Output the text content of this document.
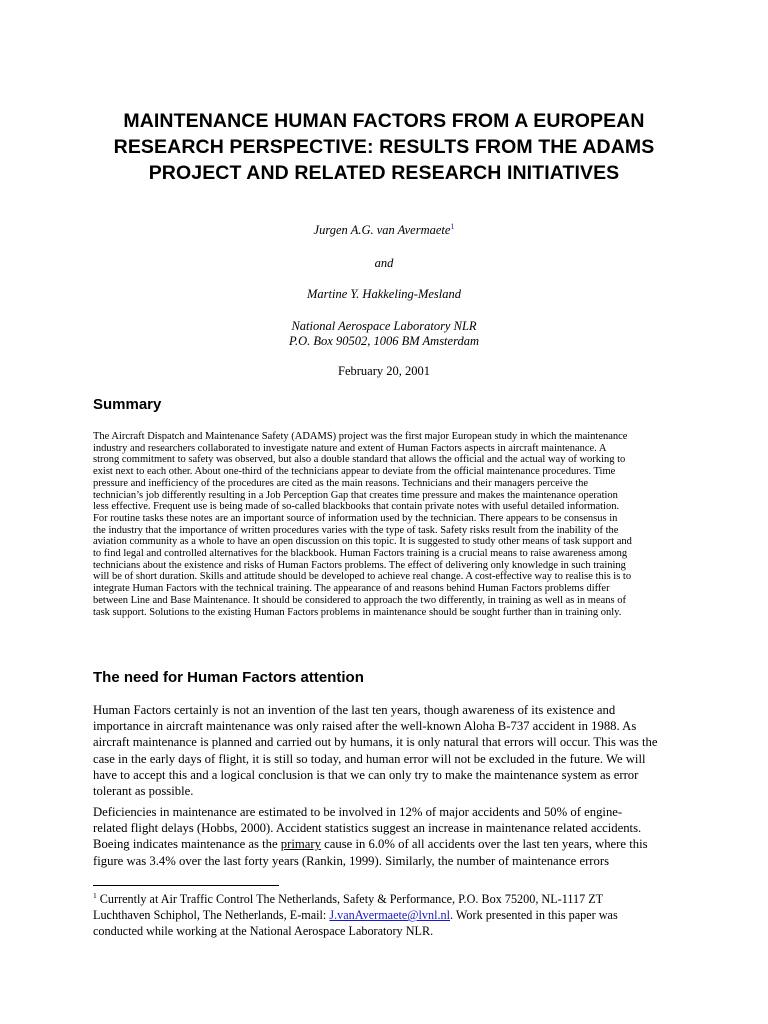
MAINTENANCE HUMAN FACTORS FROM A EUROPEAN RESEARCH PERSPECTIVE: RESULTS FROM THE ADAMS PROJECT AND RELATED RESEARCH INITIATIVES
Jurgen A.G. van Avermaete$^1$
and
Martine Y. Hakkeling-Mesland
National Aerospace Laboratory NLR
P.O. Box 90502, 1006 BM Amsterdam
February 20, 2001
Summary
The Aircraft Dispatch and Maintenance Safety (ADAMS) project was the first major European study in which the maintenance
industry and researchers collaborated to investigate nature and extent of Human Factors aspects in aircraft maintenance. A
strong commitment to safety was observed, but also a double standard that allows the official and the actual way of working to
exist next to each other. About one-third of the technicians appear to deviate from the official maintenance procedures. Time
pressure and inefficiency of the procedures are cited as the main reasons. Technicians and their managers perceive the
technician’s job differently resulting in a Job Perception Gap that creates time pressure and makes the maintenance operation
less effective. Frequent use is being made of so-called blackbooks that contain private notes with useful detailed information.
For routine tasks these notes are an important source of information used by the technician. There appears to be consensus in
the industry that the importance of written procedures varies with the type of task. Safety risks result from the inability of the
aviation community as a whole to have an open discussion on this topic. It is suggested to study other means of task support and
to find legal and controlled alternatives for the blackbook. Human Factors training is a crucial means to raise awareness among
technicians about the existence and risks of Human Factors problems. The effect of delivering only knowledge in such training
will be of short duration. Skills and attitude should be developed to achieve real change. A cost-effective way to realise this is to
integrate Human Factors with the technical training. The appearance of and reasons behind Human Factors problems differ
between Line and Base Maintenance. It should be considered to approach the two differently, in training as well as in means of
task support. Solutions to the existing Human Factors problems in maintenance should be sought further than in training only.
The need for Human Factors attention
Human Factors certainly is not an invention of the last ten years, though awareness of its existence and
importance in aircraft maintenance was only raised after the well-known Aloha B-737 accident in 1988. As
aircraft maintenance is planned and carried out by humans, it is only natural that errors will occur. This was the
case in the early days of flight, it is still so today, and human error will not be excluded in the future. We will
have to accept this and a logical conclusion is that we can only try to make the maintenance system as error
tolerant as possible.
Deficiencies in maintenance are estimated to be involved in 12% of major accidents and 50% of engine-
related flight delays (Hobbs, 2000). Accident statistics suggest an increase in maintenance related accidents.
Boeing indicates maintenance as the primary cause in 6.0% of all accidents over the last ten years, where this
figure was 3.4% over the last forty years (Rankin, 1999). Similarly, the number of maintenance errors
$^1$ Currently at Air Traffic Control The Netherlands, Safety & Performance, P.O. Box 75200, NL-1117 ZT
Luchthaven Schiphol, The Netherlands, E-mail: J.vanAvermaete@lvnl.nl. Work presented in this paper was
conducted while working at the National Aerospace Laboratory NLR.
